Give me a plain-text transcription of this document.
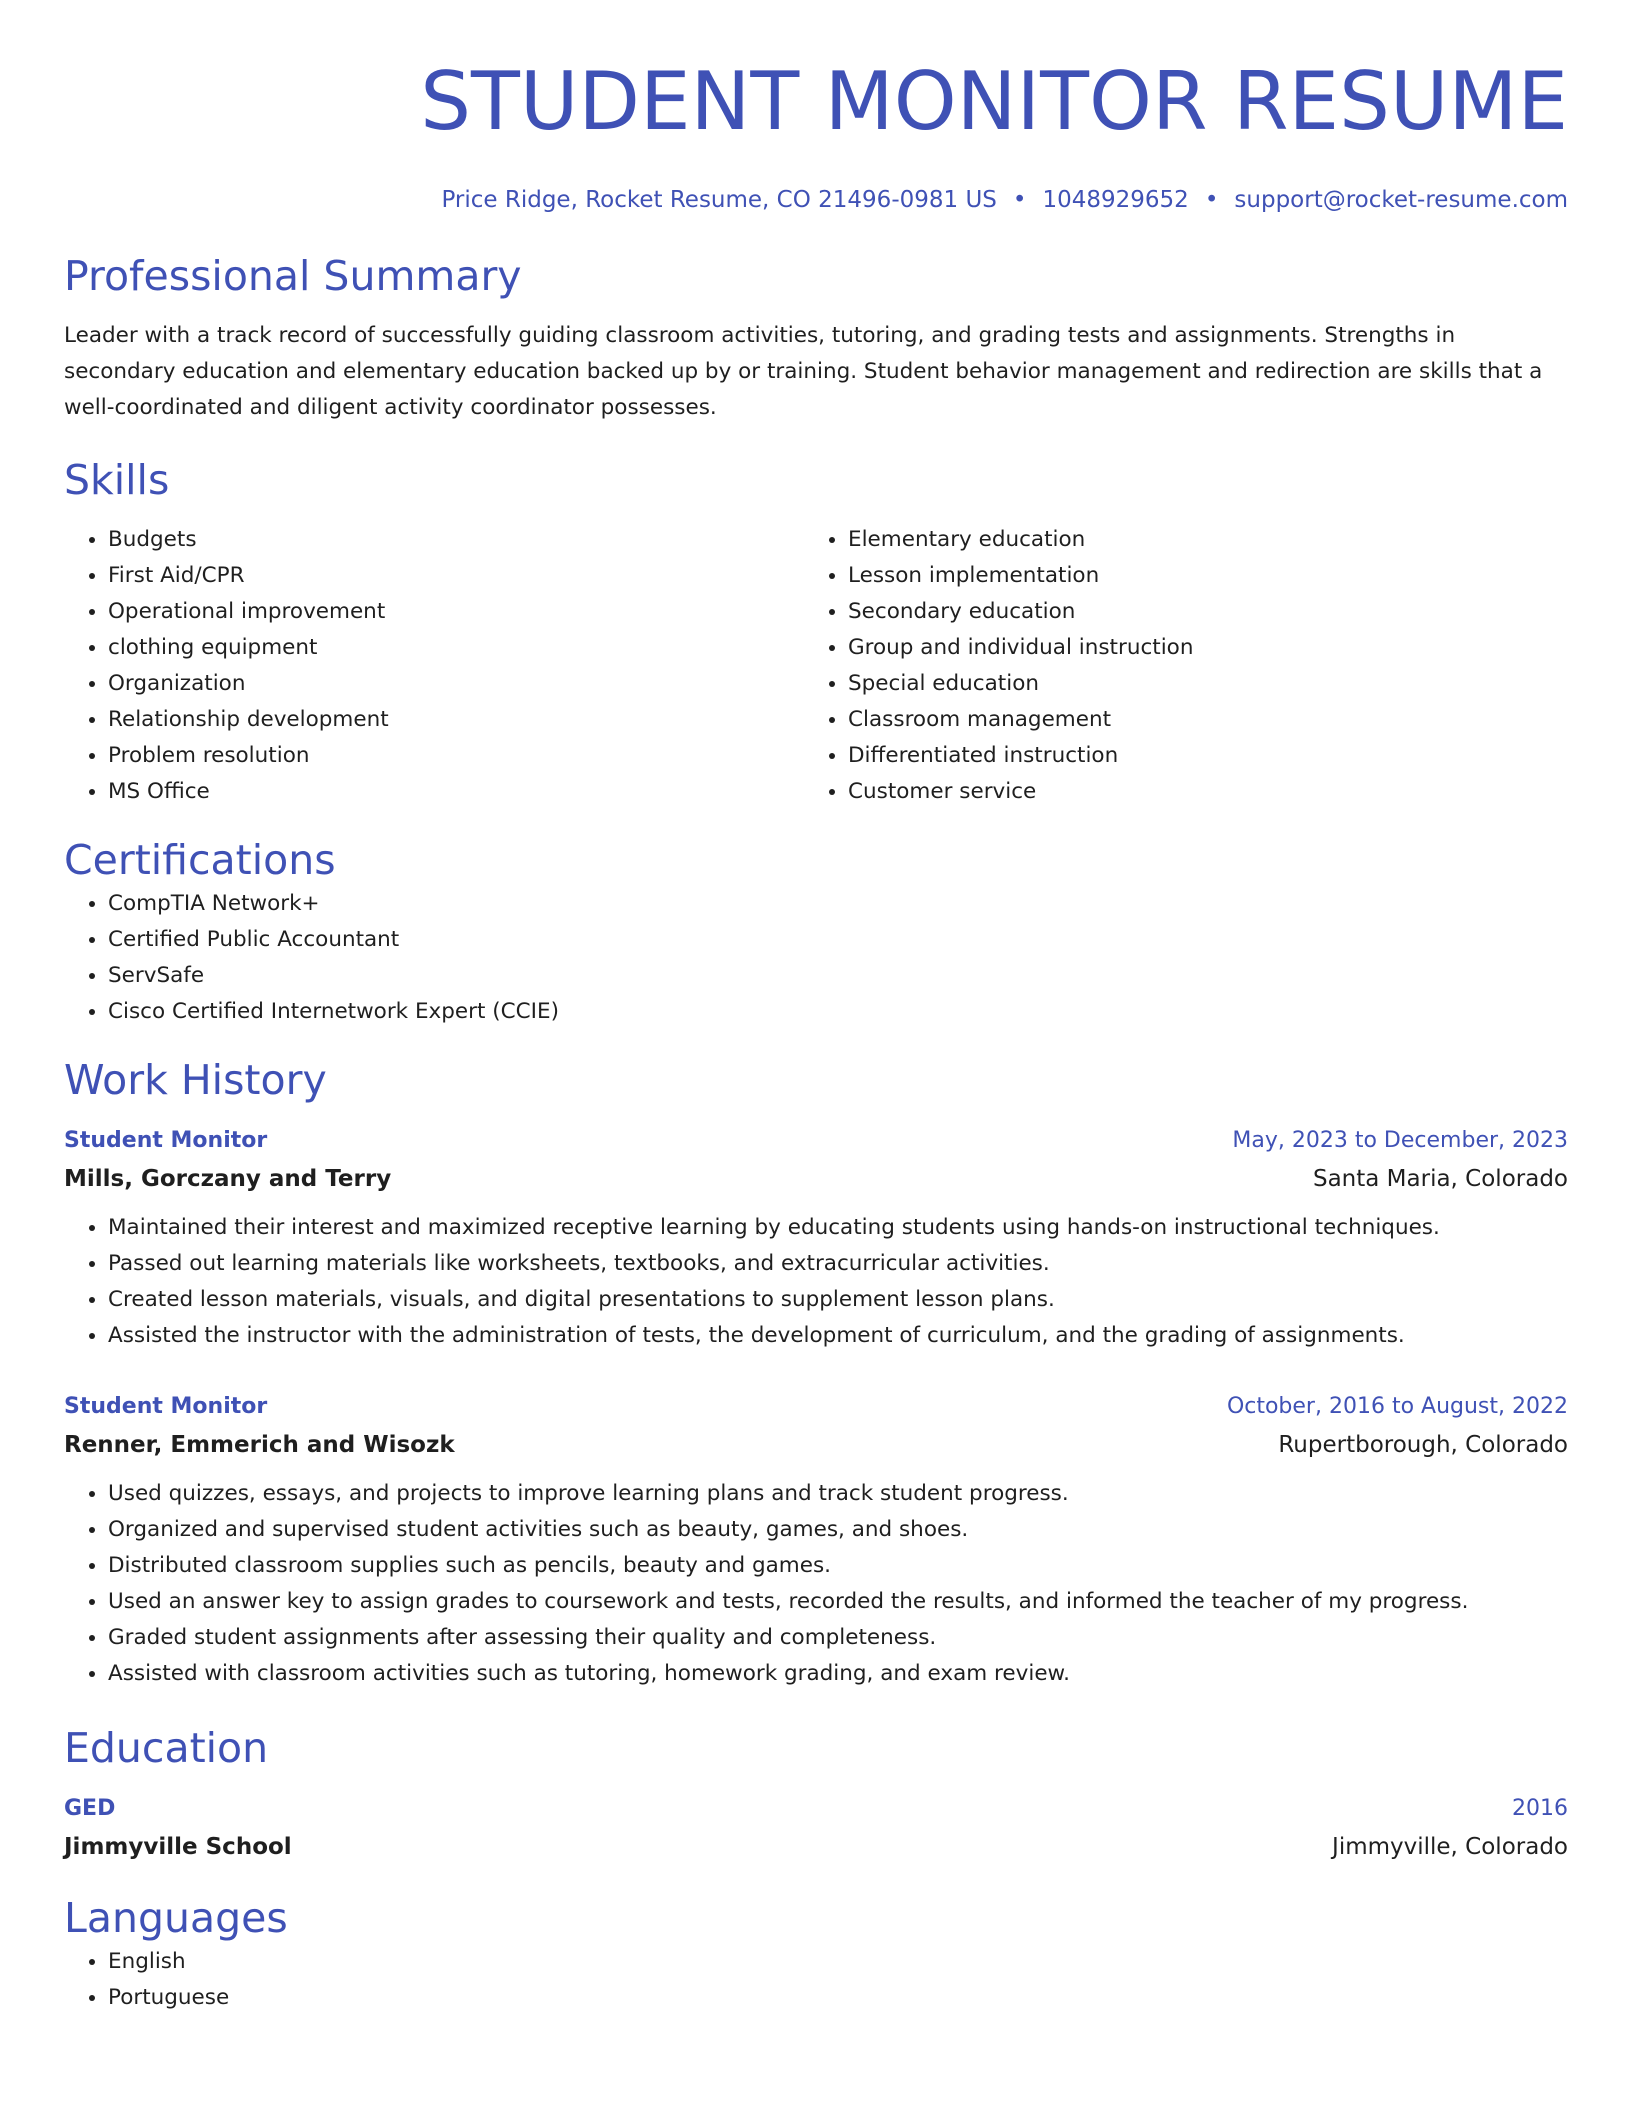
STUDENT MONITOR RESUME
Price Ridge, Rocket Resume, CO 21496-0981 US • 1048929652 • support@rocket-resume.com
Professional Summary

Leader with a track record of successfully guiding classroom activities, tutoring, and grading tests and assignments. Strengths in secondary education and elementary education backed up by or training. Student behavior management and redirection are skills that a well-coordinated and diligent activity coordinator possesses.

Skills
• Budgets
• First Aid/CPR
• Operational improvement
• clothing equipment
• Organization
• Relationship development
• Problem resolution
• MS Office
• Elementary education
• Lesson implementation
• Secondary education
• Group and individual instruction
• Special education
• Classroom management
• Differentiated instruction
• Customer service
Certifications
• CompTIA Network+
• Certified Public Accountant
• ServSafe
• Cisco Certified Internetwork Expert (CCIE)
Work History
Student Monitor	May, 2023 to December, 2023
Mills, Gorczany and Terry	Santa Maria, Colorado
• Maintained their interest and maximized receptive learning by educating students using hands-on instructional techniques.
• Passed out learning materials like worksheets, textbooks, and extracurricular activities.
• Created lesson materials, visuals, and digital presentations to supplement lesson plans.
• Assisted the instructor with the administration of tests, the development of curriculum, and the grading of assignments.
Student Monitor	October, 2016 to August, 2022
Renner, Emmerich and Wisozk	Rupertborough, Colorado
• Used quizzes, essays, and projects to improve learning plans and track student progress.
• Organized and supervised student activities such as beauty, games, and shoes.
• Distributed classroom supplies such as pencils, beauty and games.
• Used an answer key to assign grades to coursework and tests, recorded the results, and informed the teacher of my progress.
• Graded student assignments after assessing their quality and completeness.
• Assisted with classroom activities such as tutoring, homework grading, and exam review.
Education
GED	2016
Jimmyville School	Jimmyville, Colorado
Languages
• English
• Portuguese
